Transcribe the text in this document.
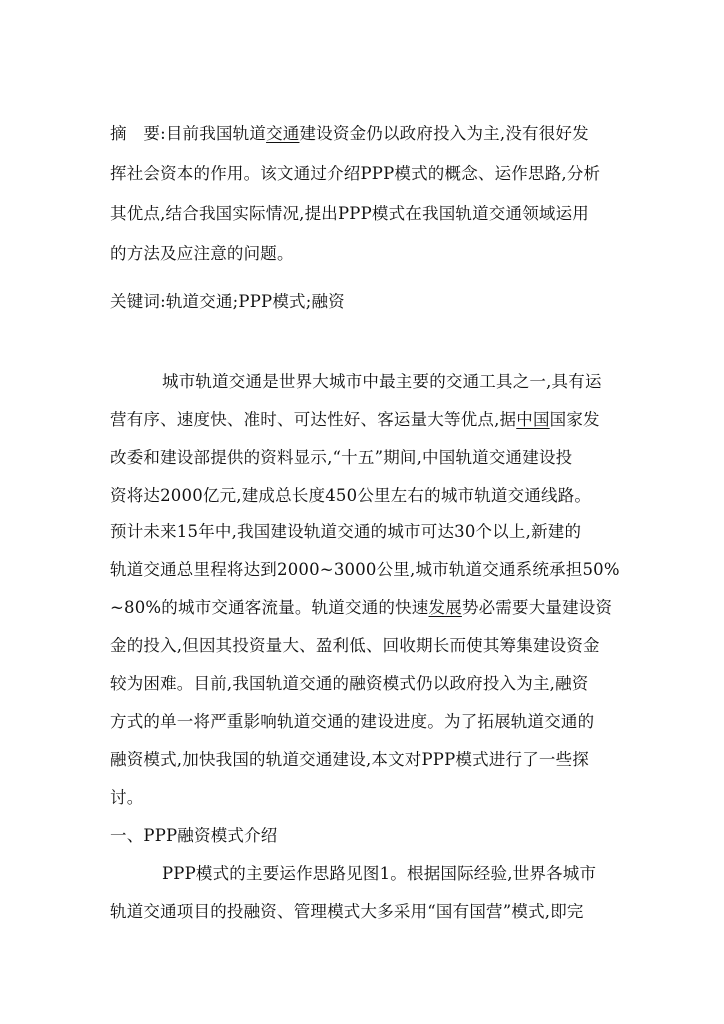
摘　要:目前我国轨道交通建设资金仍以政府投入为主,没有很好发
挥社会资本的作用。该文通过介绍PPP模式的概念、运作思路,分析
其优点,结合我国实际情况,提出PPP模式在我国轨道交通领域运用
的方法及应注意的问题。
关键词:轨道交通;PPP模式;融资
城市轨道交通是世界大城市中最主要的交通工具之一,具有运
营有序、速度快、准时、可达性好、客运量大等优点,据中国国家发
改委和建设部提供的资料显示,“十五”期间,中国轨道交通建设投
资将达2000亿元,建成总长度450公里左右的城市轨道交通线路。
预计未来15年中,我国建设轨道交通的城市可达30个以上,新建的
轨道交通总里程将达到2000~3000公里,城市轨道交通系统承担50%
~80%的城市交通客流量。轨道交通的快速发展势必需要大量建设资
金的投入,但因其投资量大、盈利低、回收期长而使其筹集建设资金
较为困难。目前,我国轨道交通的融资模式仍以政府投入为主,融资
方式的单一将严重影响轨道交通的建设进度。为了拓展轨道交通的
融资模式,加快我国的轨道交通建设,本文对PPP模式进行了一些探
讨。
一、PPP融资模式介绍
PPP模式的主要运作思路见图1。根据国际经验,世界各城市
轨道交通项目的投融资、管理模式大多采用“国有国营”模式,即完
